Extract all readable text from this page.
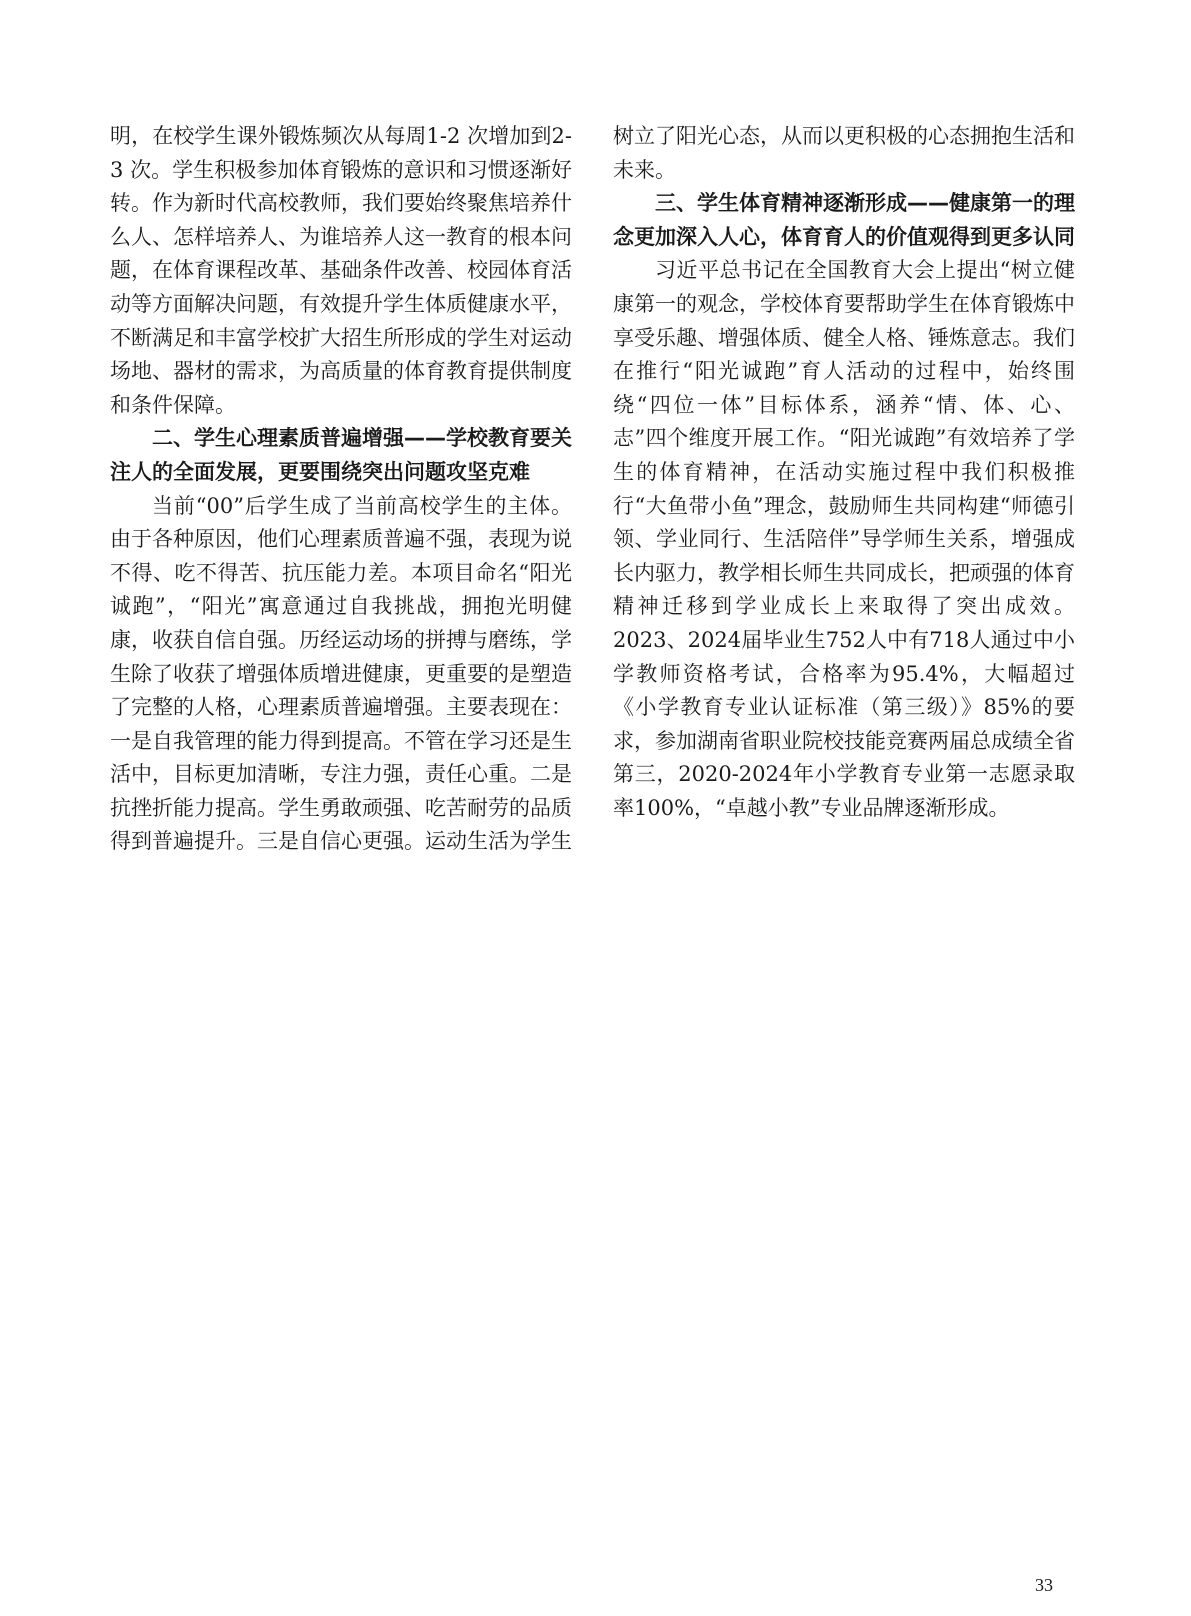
明，在校学生课外锻炼频次从每周1-2 次增加到2-3 次。学生积极参加体育锻炼的意识和习惯逐渐好转。作为新时代高校教师，我们要始终聚焦培养什么人、怎样培养人、为谁培养人这一教育的根本问题，在体育课程改革、基础条件改善、校园体育活动等方面解决问题，有效提升学生体质健康水平，不断满足和丰富学校扩大招生所形成的学生对运动场地、器材的需求，为高质量的体育教育提供制度和条件保障。

二、学生心理素质普遍增强——学校教育要关注人的全面发展，更要围绕突出问题攻坚克难

当前“00”后学生成了当前高校学生的主体。由于各种原因，他们心理素质普遍不强，表现为说不得、吃不得苦、抗压能力差。本项目命名“阳光诚跑”，“阳光”寓意通过自我挑战，拥抱光明健康，收获自信自强。历经运动场的拼搏与磨练，学生除了收获了增强体质增进健康，更重要的是塑造了完整的人格，心理素质普遍增强。主要表现在：一是自我管理的能力得到提高。不管在学习还是生活中，目标更加清晰，专注力强，责任心重。二是抗挫折能力提高。学生勇敢顽强、吃苦耐劳的品质得到普遍提升。三是自信心更强。运动生活为学生

树立了阳光心态，从而以更积极的心态拥抱生活和未来。

三、学生体育精神逐渐形成——健康第一的理念更加深入人心，体育育人的价值观得到更多认同

习近平总书记在全国教育大会上提出“树立健康第一的观念，学校体育要帮助学生在体育锻炼中享受乐趣、增强体质、健全人格、锤炼意志。我们在推行“阳光诚跑”育人活动的过程中，始终围绕“四位一体”目标体系，涵养“情、体、心、志”四个维度开展工作。“阳光诚跑”有效培养了学生的体育精神，在活动实施过程中我们积极推行“大鱼带小鱼”理念，鼓励师生共同构建“师德引领、学业同行、生活陪伴”导学师生关系，增强成长内驱力，教学相长师生共同成长，把顽强的体育精神迁移到学业成长上来取得了突出成效。2023、2024届毕业生752人中有718人通过中小学教师资格考试，合格率为95.4%，大幅超过《小学教育专业认证标准（第三级）》85%的要求，参加湖南省职业院校技能竞赛两届总成绩全省第三，2020-2024年小学教育专业第一志愿录取率100%，“卓越小教”专业品牌逐渐形成。

33
